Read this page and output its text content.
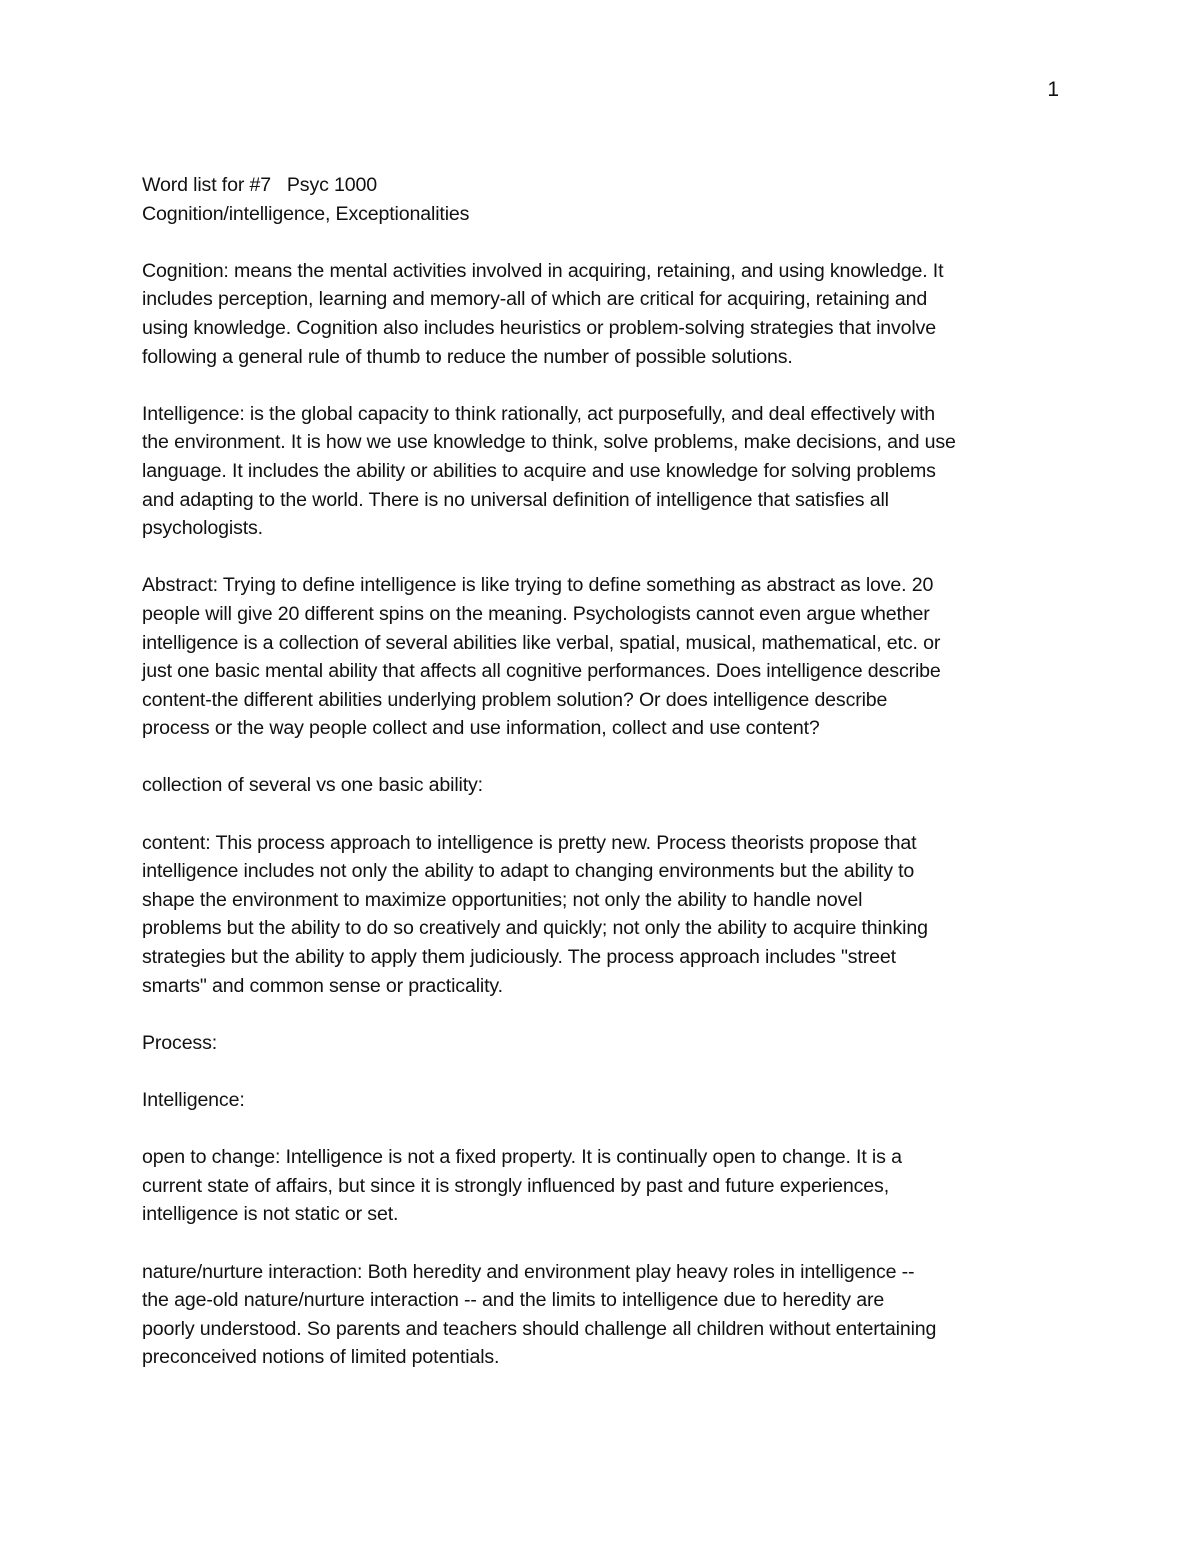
1
Word list for #7   Psyc 1000
Cognition/intelligence, Exceptionalities

Cognition: means the mental activities involved in acquiring, retaining, and using knowledge. It
includes perception, learning and memory-all of which are critical for acquiring, retaining and
using knowledge. Cognition also includes heuristics or problem-solving strategies that involve
following a general rule of thumb to reduce the number of possible solutions.

Intelligence: is the global capacity to think rationally, act purposefully, and deal effectively with
the environment. It is how we use knowledge to think, solve problems, make decisions, and use
language. It includes the ability or abilities to acquire and use knowledge for solving problems
and adapting to the world. There is no universal definition of intelligence that satisfies all
psychologists.

Abstract: Trying to define intelligence is like trying to define something as abstract as love. 20
people will give 20 different spins on the meaning. Psychologists cannot even argue whether
intelligence is a collection of several abilities like verbal, spatial, musical, mathematical, etc. or
just one basic mental ability that affects all cognitive performances. Does intelligence describe
content-the different abilities underlying problem solution? Or does intelligence describe
process or the way people collect and use information, collect and use content?

collection of several vs one basic ability:

content: This process approach to intelligence is pretty new. Process theorists propose that
intelligence includes not only the ability to adapt to changing environments but the ability to
shape the environment to maximize opportunities; not only the ability to handle novel
problems but the ability to do so creatively and quickly; not only the ability to acquire thinking
strategies but the ability to apply them judiciously. The process approach includes "street
smarts" and common sense or practicality.

Process:

Intelligence:

open to change: Intelligence is not a fixed property. It is continually open to change. It is a
current state of affairs, but since it is strongly influenced by past and future experiences,
intelligence is not static or set.

nature/nurture interaction: Both heredity and environment play heavy roles in intelligence --
the age-old nature/nurture interaction -- and the limits to intelligence due to heredity are
poorly understood. So parents and teachers should challenge all children without entertaining
preconceived notions of limited potentials.
